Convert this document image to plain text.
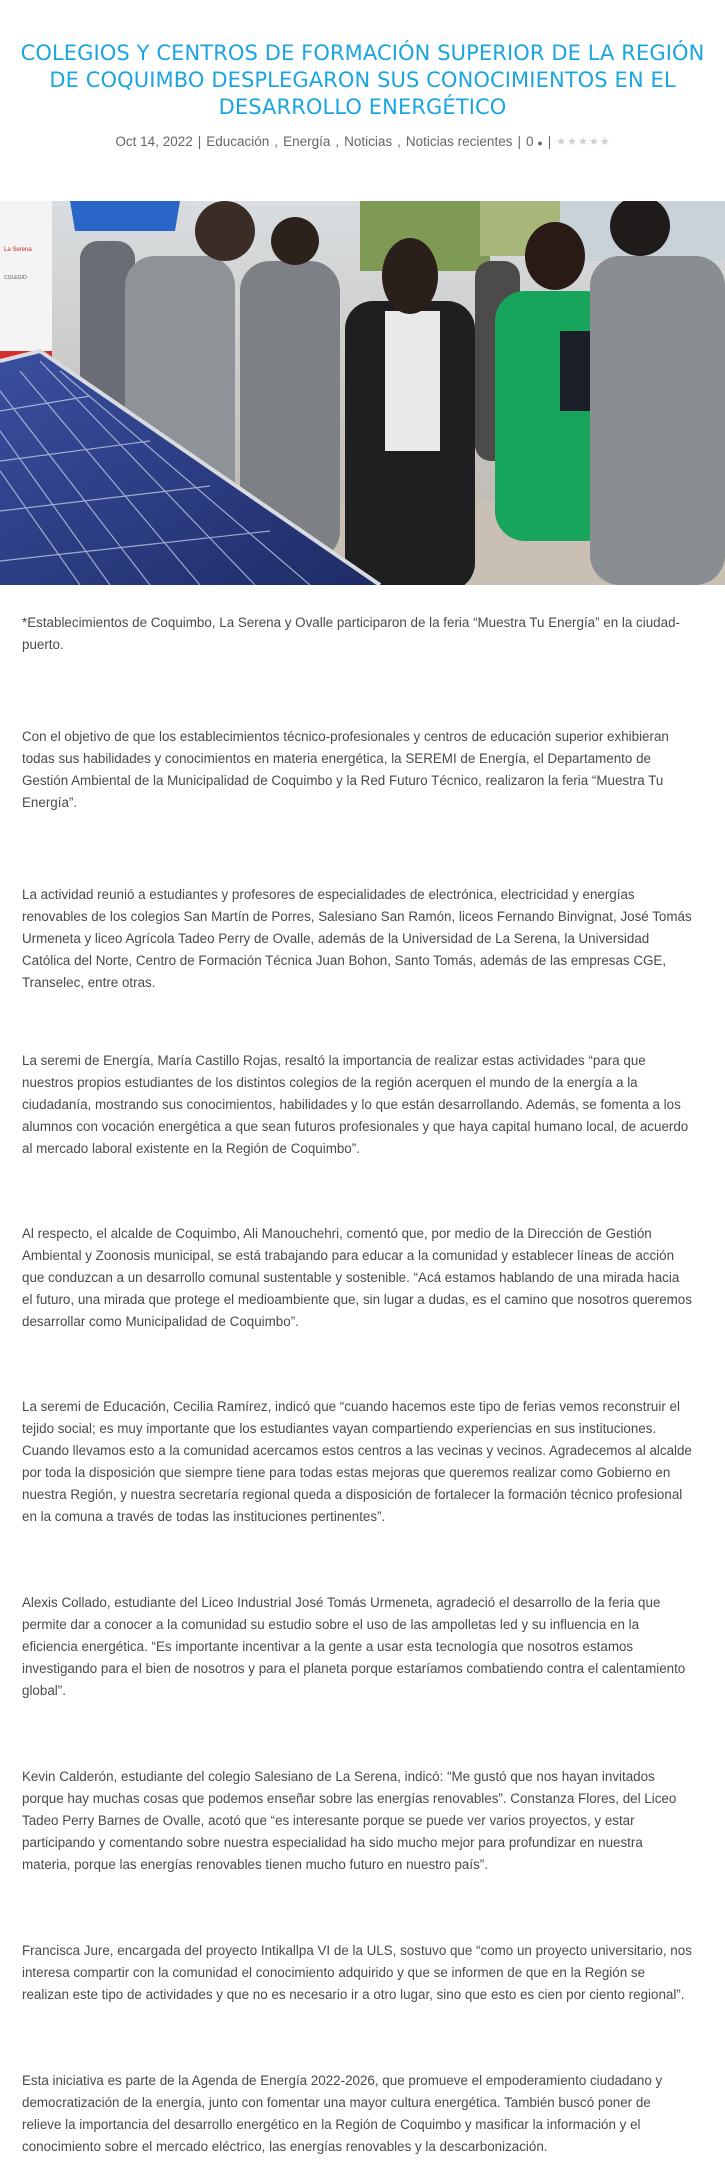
COLEGIOS Y CENTROS DE FORMACIÓN SUPERIOR DE LA REGIÓN DE COQUIMBO DESPLEGARON SUS CONOCIMIENTOS EN EL DESARROLLO ENERGÉTICO
Oct 14, 2022 | Educación , Energía , Noticias , Noticias recientes | 0 ● | ★ ★ ★ ★ ★
La Serena
COLEGIO

*Establecimientos de Coquimbo, La Serena y Ovalle participaron de la feria “Muestra Tu Energía” en la ciudad-puerto.

Con el objetivo de que los establecimientos técnico-profesionales y centros de educación superior exhibieran todas sus habilidades y conocimientos en materia energética, la SEREMI de Energía, el Departamento de Gestión Ambiental de la Municipalidad de Coquimbo y la Red Futuro Técnico, realizaron la feria “Muestra Tu Energía”.

La actividad reunió a estudiantes y profesores de especialidades de electrónica, electricidad y energías renovables de los colegios San Martín de Porres, Salesiano San Ramón, liceos Fernando Binvignat, José Tomás Urmeneta y liceo Agrícola Tadeo Perry de Ovalle, además de la Universidad de La Serena, la Universidad Católica del Norte, Centro de Formación Técnica Juan Bohon, Santo Tomás, además de las empresas CGE, Transelec, entre otras.

La seremi de Energía, María Castillo Rojas, resaltó la importancia de realizar estas actividades “para que nuestros propios estudiantes de los distintos colegios de la región acerquen el mundo de la energía a la ciudadanía, mostrando sus conocimientos, habilidades y lo que están desarrollando. Además, se fomenta a los alumnos con vocación energética a que sean futuros profesionales y que haya capital humano local, de acuerdo al mercado laboral existente en la Región de Coquimbo”.

Al respecto, el alcalde de Coquimbo, Ali Manouchehri, comentó que, por medio de la Dirección de Gestión Ambiental y Zoonosis municipal, se está trabajando para educar a la comunidad y establecer líneas de acción que conduzcan a un desarrollo comunal sustentable y sostenible. “Acá estamos hablando de una mirada hacia el futuro, una mirada que protege el medioambiente que, sin lugar a dudas, es el camino que nosotros queremos desarrollar como Municipalidad de Coquimbo”.

La seremi de Educación, Cecilia Ramírez, indicó que “cuando hacemos este tipo de ferias vemos reconstruir el tejido social; es muy importante que los estudiantes vayan compartiendo experiencias en sus instituciones. Cuando llevamos esto a la comunidad acercamos estos centros a las vecinas y vecinos. Agradecemos al alcalde por toda la disposición que siempre tiene para todas estas mejoras que queremos realizar como Gobierno en nuestra Región, y nuestra secretaría regional queda a disposición de fortalecer la formación técnico profesional en la comuna a través de todas las instituciones pertinentes”.

Alexis Collado, estudiante del Liceo Industrial José Tomás Urmeneta, agradeció el desarrollo de la feria que permite dar a conocer a la comunidad su estudio sobre el uso de las ampolletas led y su influencia en la eficiencia energética. “Es importante incentivar a la gente a usar esta tecnología que nosotros estamos investigando para el bien de nosotros y para el planeta porque estaríamos combatiendo contra el calentamiento global”.

Kevin Calderón, estudiante del colegio Salesiano de La Serena, indicó: “Me gustó que nos hayan invitados porque hay muchas cosas que podemos enseñar sobre las energías renovables”. Constanza Flores, del Liceo Tadeo Perry Barnes de Ovalle, acotó que “es interesante porque se puede ver varios proyectos, y estar participando y comentando sobre nuestra especialidad ha sido mucho mejor para profundizar en nuestra materia, porque las energías renovables tienen mucho futuro en nuestro país”.

Francisca Jure, encargada del proyecto Intikallpa VI de la ULS, sostuvo que “como un proyecto universitario, nos interesa compartir con la comunidad el conocimiento adquirido y que se informen de que en la Región se realizan este tipo de actividades y que no es necesario ir a otro lugar, sino que esto es cien por ciento regional”.

Esta iniciativa es parte de la Agenda de Energía 2022-2026, que promueve el empoderamiento ciudadano y democratización de la energía, junto con fomentar una mayor cultura energética. También buscó poner de relieve la importancia del desarrollo energético en la Región de Coquimbo y masificar la información y el conocimiento sobre el mercado eléctrico, las energías renovables y la descarbonización.
